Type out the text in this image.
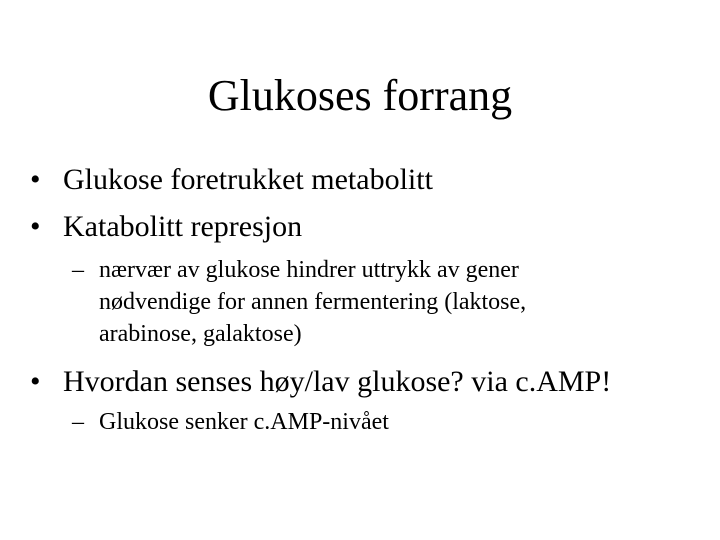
Glukoses forrang
• Glukose foretrukket metabolitt
• Katabolitt represjon
– nærvær av glukose hindrer uttrykk av gener
nødvendige for annen fermentering (laktose,
arabinose, galaktose)
• Hvordan senses høy/lav glukose? via c.AMP!
– Glukose senker c.AMP-nivået
